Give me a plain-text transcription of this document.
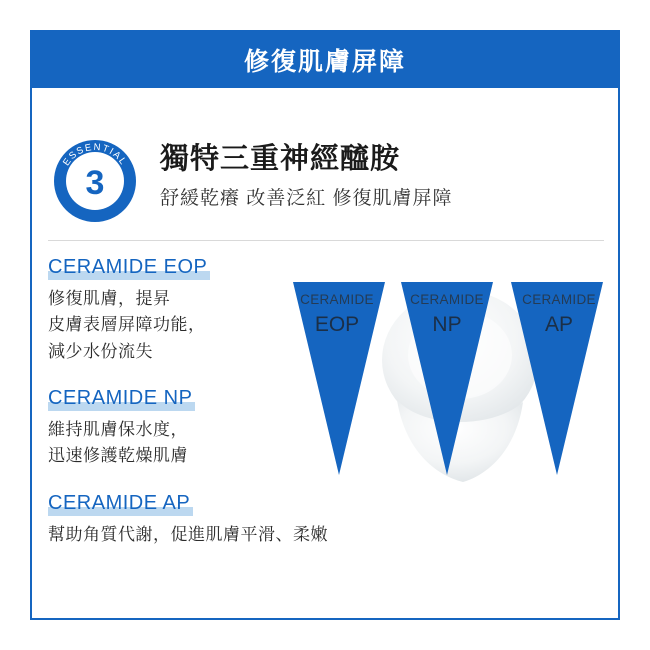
修復肌膚屏障
ESSENTIAL
CERAMIDES
3
獨特三重神經醯胺
舒緩乾癢 改善泛紅 修復肌膚屏障
CERAMIDE EOP
修復肌膚，提昇
皮膚表層屏障功能，
減少水份流失
CERAMIDE NP
維持肌膚保水度，
迅速修護乾燥肌膚
CERAMIDE AP
幫助角質代謝，促進肌膚平滑、柔嫩
CERAMIDE
EOP
CERAMIDE
NP
CERAMIDE
AP
